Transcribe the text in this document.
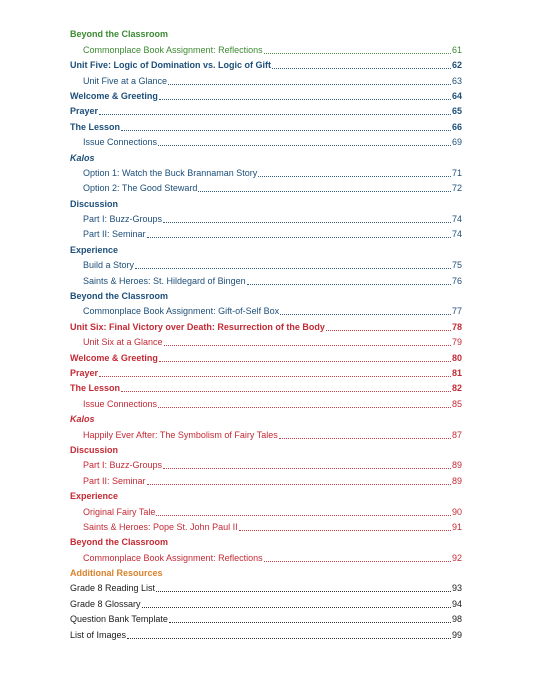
Beyond the Classroom
Commonplace Book Assignment: Reflections	61
Unit Five: Logic of Domination vs. Logic of Gift	62
Unit Five at a Glance	63
Welcome & Greeting	64
Prayer	65
The Lesson	66
Issue Connections	69
Kalos
Option 1: Watch the Buck Brannaman Story	71
Option 2: The Good Steward	72
Discussion
Part I: Buzz-Groups	74
Part II: Seminar	74
Experience
Build a Story	75
Saints & Heroes: St. Hildegard of Bingen	76
Beyond the Classroom
Commonplace Book Assignment: Gift-of-Self Box	77
Unit Six: Final Victory over Death: Resurrection of the Body	78
Unit Six at a Glance	79
Welcome & Greeting	80
Prayer	81
The Lesson	82
Issue Connections	85
Kalos
Happily Ever After: The Symbolism of Fairy Tales	87
Discussion
Part I: Buzz-Groups	89
Part II: Seminar	89
Experience
Original Fairy Tale	90
Saints & Heroes: Pope St. John Paul II	91
Beyond the Classroom
Commonplace Book Assignment: Reflections	92
Additional Resources
Grade 8 Reading List	93
Grade 8 Glossary	94
Question Bank Template	98
List of Images	99
